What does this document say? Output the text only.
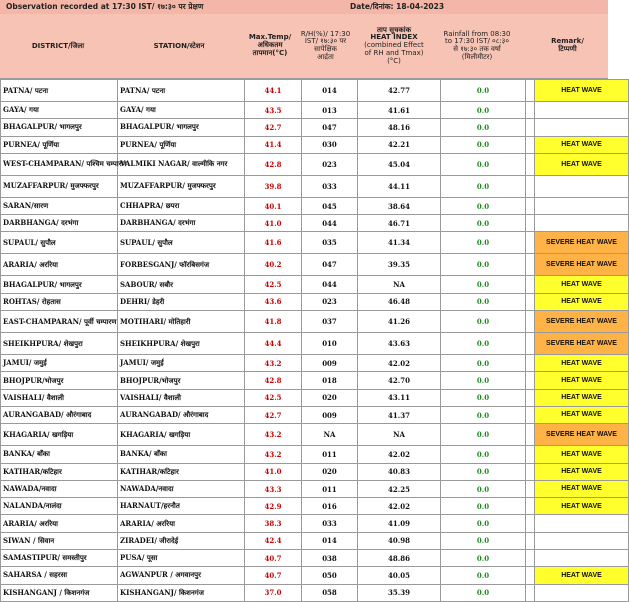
Observation recorded at 17:30 IST/ १७:३० पर प्रेक्षण	Date/दिनांक: 18-04-2023
DISTRICT/जिला	STATION/स्टेशन
Max.Temp/
अधिकतम
तापमान(°C)
R/H(%)/ 17:30
IST/ १७:३० पर
सापेक्षिक
आर्द्रता
ताप सूचकांक
HEAT INDEX
(combined Effect
of RH and Tmax)
(°C)
Rainfall from 08:30
to 17:30 IST/ ०८:३०
से १७:३० तक वर्षा
(मिलीमीटर)
Remark/
टिप्पणी
PATNA/ पटना	PATNA/ पटना	44.1	014	42.77	0.0		HEAT WAVE
GAYA/ गया	GAYA/ गया	43.5	013	41.61	0.0		
BHAGALPUR/ भागलपुर	BHAGALPUR/ भागलपुर	42.7	047	48.16	0.0		
PURNEA/ पूर्णिया	PURNEA/ पूर्णिया	41.4	030	42.21	0.0		HEAT WAVE
WEST-CHAMPARAN/ पश्चिम चम्पारण	VALMIKI NAGAR/ वाल्मीकि नगर	42.8	023	45.04	0.0		HEAT WAVE
MUZAFFARPUR/ मुजफ्फरपुर	MUZAFFARPUR/ मुजफ्फरपुर	39.8	033	44.11	0.0		
SARAN/सारण	CHHAPRA/ छपरा	40.1	045	38.64	0.0		
DARBHANGA/ दरभंगा	DARBHANGA/ दरभंगा	41.0	044	46.71	0.0		
SUPAUL/ सुपौल	SUPAUL/ सुपौल	41.6	035	41.34	0.0		SEVERE HEAT WAVE
ARARIA/ अररिया	FORBESGANJ/ फॉरबिसगंज	40.2	047	39.35	0.0		SEVERE HEAT WAVE
BHAGALPUR/ भागलपुर	SABOUR/ सबौर	42.5	044	NA	0.0		HEAT WAVE
ROHTAS/ रोहतास	DEHRI/ डेहरी	43.6	023	46.48	0.0		HEAT WAVE
EAST-CHAMPARAN/ पूर्वी चम्पारण	MOTIHARI/ मोतिहारी	41.8	037	41.26	0.0		SEVERE HEAT WAVE
SHEIKHPURA/ शेखपुरा	SHEIKHPURA/ शेखपुरा	44.4	010	43.63	0.0		SEVERE HEAT WAVE
JAMUI/ जमुई	JAMUI/ जमुई	43.2	009	42.02	0.0		HEAT WAVE
BHOJPUR/भोजपुर	BHOJPUR/भोजपुर	42.8	018	42.70	0.0		HEAT WAVE
VAISHALI/ वैशाली	VAISHALI/ वैशाली	42.5	020	43.11	0.0		HEAT WAVE
AURANGABAD/ औरंगाबाद	AURANGABAD/ औरंगाबाद	42.7	009	41.37	0.0		HEAT WAVE
KHAGARIA/ खगड़िया	KHAGARIA/ खगड़िया	43.2	NA	NA	0.0		SEVERE HEAT WAVE
BANKA/ बाँका	BANKA/ बाँका	43.2	011	42.02	0.0		HEAT WAVE
KATIHAR/कटिहार	KATIHAR/कटिहार	41.0	020	40.83	0.0		HEAT WAVE
NAWADA/नवादा	NAWADA/नवादा	43.3	011	42.25	0.0		HEAT WAVE
NALANDA/नालंदा	HARNAUT/हरनौत	42.9	016	42.02	0.0		HEAT WAVE
ARARIA/ अररिया	ARARIA/ अररिया	38.3	033	41.09	0.0		
SIWAN / सिवान	ZIRADEI/ जीरादेई	42.4	014	40.98	0.0		
SAMASTIPUR/ समस्तीपुर	PUSA/ पूसा	40.7	038	48.86	0.0		
SAHARSA / सहरसा	AGWANPUR / अगवानपुर	40.7	050	40.05	0.0		HEAT WAVE
KISHANGANJ / किशनगंज	KISHANGANJ/ किशनगंज	37.0	058	35.39	0.0		
